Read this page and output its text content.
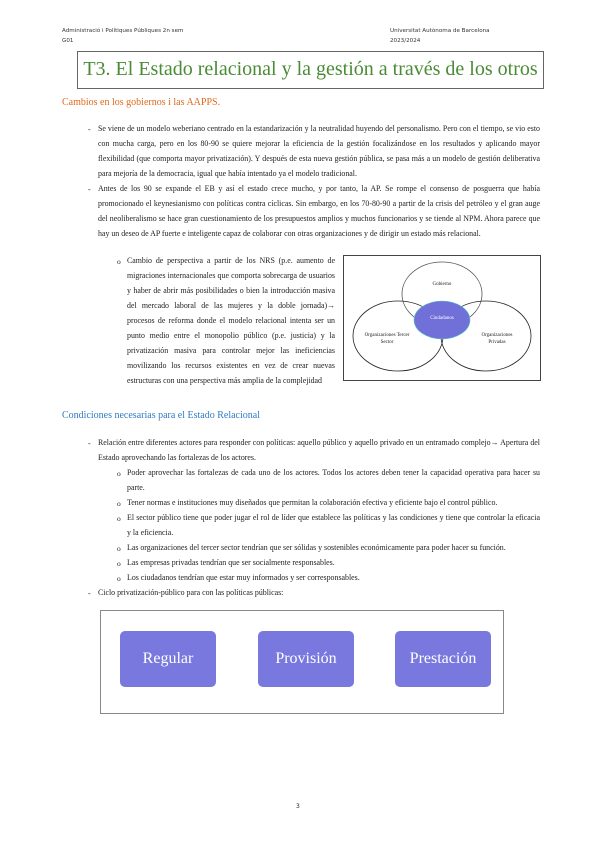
Administració i Polítiques Públiques 2n sem
G01
Universitat Autònoma de Barcelona
2023/2024
T3. El Estado relacional y la gestión a través de los otros
Cambios en los gobiernos i las AAPPS.
- Se viene de un modelo weberiano centrado en la estandarización y la neutralidad huyendo del personalismo. Pero con el tiempo, se vio esto con mucha carga, pero en los 80-90 se quiere mejorar la eficiencia de la gestión focalizándose en los resultados y aplicando mayor flexibilidad (que comporta mayor privatización). Y después de esta nueva gestión pública, se pasa más a un modelo de gestión deliberativa para mejoría de la democracia, igual que había intentado ya el modelo tradicional.
- Antes de los 90 se expande el EB y así el estado crece mucho, y por tanto, la AP. Se rompe el consenso de posguerra que había promocionado el keynesianismo con políticas contra cíclicas. Sin embargo, en los 70-80-90 a partir de la crisis del petróleo y el gran auge del neoliberalismo se hace gran cuestionamiento de los presupuestos amplios y muchos funcionarios y se tiende al NPM. Ahora parece que hay un deseo de AP fuerte e inteligente capaz de colaborar con otras organizaciones y de dirigir un estado más relacional.
o Cambio de perspectiva a partir de los NRS (p.e. aumento de migraciones internacionales que comporta sobrecarga de usuarios y haber de abrir más posibilidades o bien la introducción masiva del mercado laboral de las mujeres y la doble jornada)→ procesos de reforma donde el modelo relacional intenta ser un punto medio entre el monopolio público (p.e. justicia) y la privatización masiva para controlar mejor las ineficiencias movilizando los recursos existentes en vez de crear nuevas estructuras con una perspectiva más amplia de la complejidad
Gobierno
Ciudadanos
Organizaciones Tercer Sector
Organizaciones Privadas
Condiciones necesarias para el Estado Relacional
- Relación entre diferentes actores para responder con políticas: aquello público y aquello privado en un entramado complejo→ Apertura del Estado aprovechando las fortalezas de los actores.
o Poder aprovechar las fortalezas de cada uno de los actores. Todos los actores deben tener la capacidad operativa para hacer su parte.
o Tener normas e instituciones muy diseñados que permitan la colaboración efectiva y eficiente bajo el control público.
o El sector público tiene que poder jugar el rol de líder que establece las políticas y las condiciones y tiene que controlar la eficacia y la eficiencia.
o Las organizaciones del tercer sector tendrían que ser sólidas y sostenibles económicamente para poder hacer su función.
o Las empresas privadas tendrían que ser socialmente responsables.
o Los ciudadanos tendrían que estar muy informados y ser corresponsables.
- Ciclo privatización-público para con las políticas públicas:
Regular	Provisión	Prestación
3
